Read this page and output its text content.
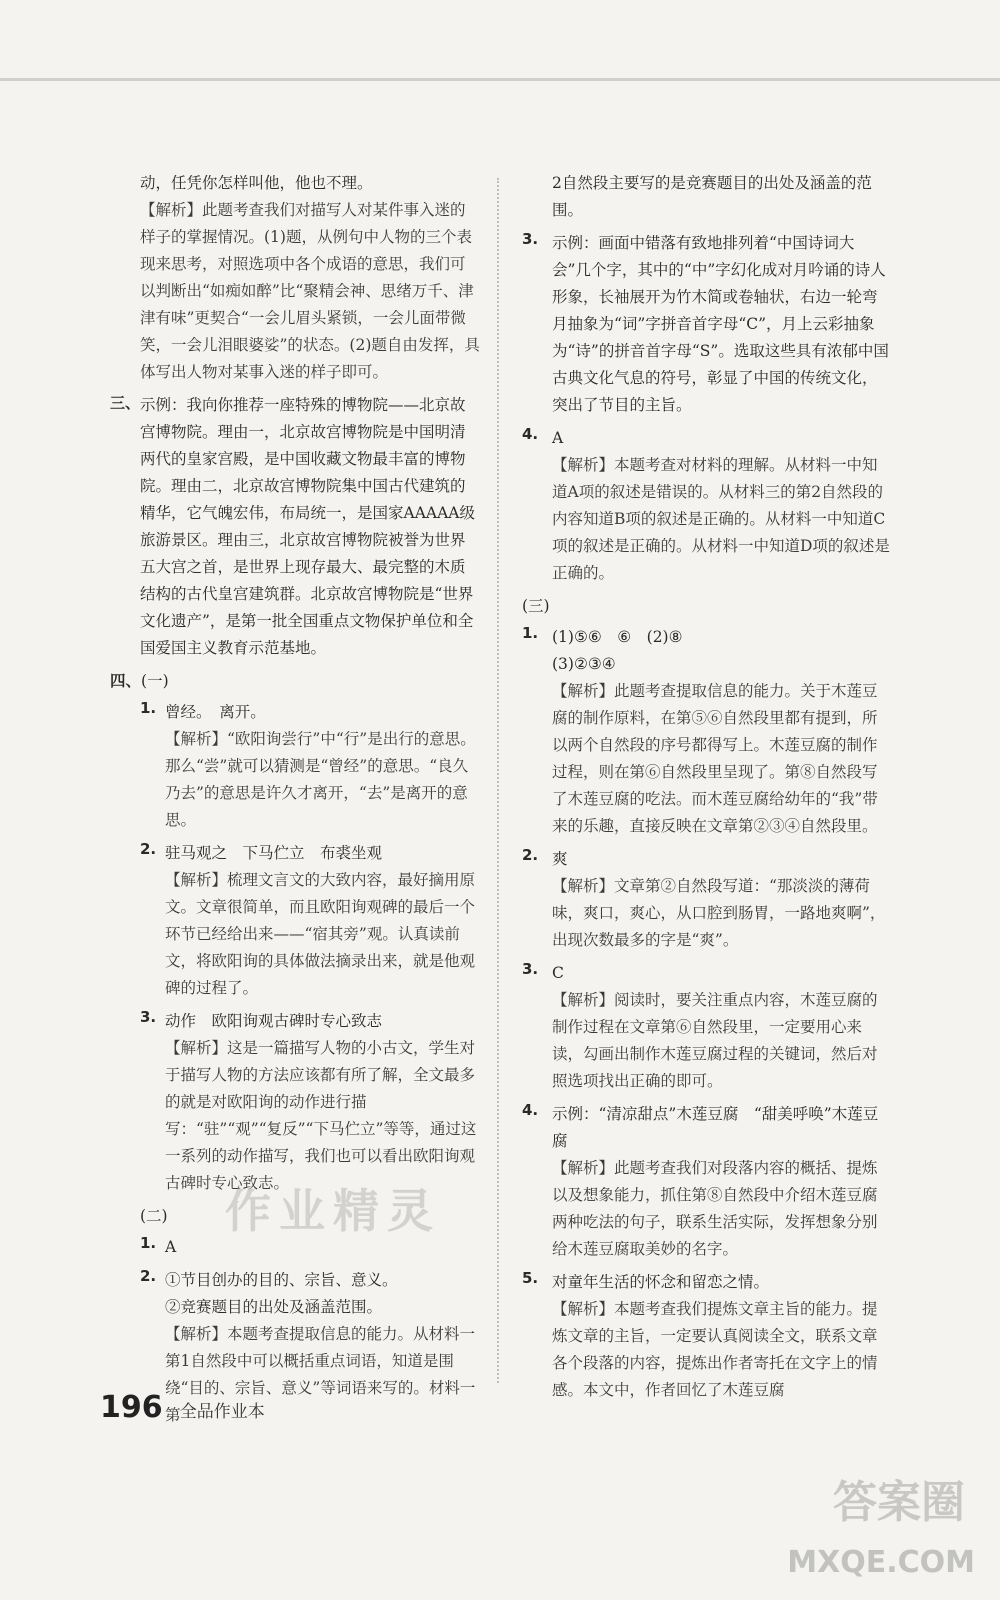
动，任凭你怎样叫他，他也不理。
【解析】此题考查我们对描写人对某件事入迷的样子的掌握情况。(1)题，从例句中人物的三个表现来思考，对照选项中各个成语的意思，我们可以判断出“如痴如醉”比“聚精会神、思绪万千、津津有味”更契合“一会儿眉头紧锁，一会儿面带微笑，一会儿泪眼婆娑”的状态。(2)题自由发挥，具体写出人物对某事入迷的样子即可。
三、 示例：我向你推荐一座特殊的博物院——北京故宫博物院。理由一，北京故宫博物院是中国明清两代的皇家宫殿，是中国收藏文物最丰富的博物院。理由二，北京故宫博物院集中国古代建筑的精华，它气魄宏伟，布局统一，是国家AAAAA级旅游景区。理由三，北京故宫博物院被誉为世界五大宫之首，是世界上现存最大、最完整的木质结构的古代皇宫建筑群。北京故宫博物院是“世界文化遗产”，是第一批全国重点文物保护单位和全国爱国主义教育示范基地。
四、(一)
1. 曾经。　离开。
【解析】“欧阳询尝行”中“行”是出行的意思。那么“尝”就可以猜测是“曾经”的意思。“良久乃去”的意思是许久才离开，“去”是离开的意思。
2. 驻马观之　下马伫立　布裘坐观
【解析】梳理文言文的大致内容，最好摘用原文。文章很简单，而且欧阳询观碑的最后一个环节已经给出来——“宿其旁”观。认真读前文，将欧阳询的具体做法摘录出来，就是他观碑的过程了。
3. 动作　欧阳询观古碑时专心致志
【解析】这是一篇描写人物的小古文，学生对于描写人物的方法应该都有所了解，全文最多的就是对欧阳询的动作进行描写：“驻”“观”“复反”“下马伫立”等等，通过这一系列的动作描写，我们也可以看出欧阳询观古碑时专心致志。
(二)
1. A
2. ①节目创办的目的、宗旨、意义。
②竞赛题目的出处及涵盖范围。
【解析】本题考查提取信息的能力。从材料一第1自然段中可以概括重点词语，知道是围绕“目的、宗旨、意义”等词语来写的。材料一第
2自然段主要写的是竞赛题目的出处及涵盖的范围。
3. 示例：画面中错落有致地排列着“中国诗词大会”几个字，其中的“中”字幻化成对月吟诵的诗人形象，长袖展开为竹木简或卷轴状，右边一轮弯月抽象为“词”字拼音首字母“C”，月上云彩抽象为“诗”的拼音首字母“S”。选取这些具有浓郁中国古典文化气息的符号，彰显了中国的传统文化，突出了节目的主旨。
4. A
【解析】本题考查对材料的理解。从材料一中知道A项的叙述是错误的。从材料三的第2自然段的内容知道B项的叙述是正确的。从材料一中知道C项的叙述是正确的。从材料一中知道D项的叙述是正确的。
(三)
1. (1)⑤⑥　⑥　(2)⑧
(3)②③④
【解析】此题考查提取信息的能力。关于木莲豆腐的制作原料，在第⑤⑥自然段里都有提到，所以两个自然段的序号都得写上。木莲豆腐的制作过程，则在第⑥自然段里呈现了。第⑧自然段写了木莲豆腐的吃法。而木莲豆腐给幼年的“我”带来的乐趣，直接反映在文章第②③④自然段里。
2. 爽
【解析】文章第②自然段写道：“那淡淡的薄荷味，爽口，爽心，从口腔到肠胃，一路地爽啊”，出现次数最多的字是“爽”。
3. C
【解析】阅读时，要关注重点内容，木莲豆腐的制作过程在文章第⑥自然段里，一定要用心来读，勾画出制作木莲豆腐过程的关键词，然后对照选项找出正确的即可。
4. 示例：“清凉甜点”木莲豆腐　“甜美呼唤”木莲豆腐
【解析】此题考查我们对段落内容的概括、提炼以及想象能力，抓住第⑧自然段中介绍木莲豆腐两种吃法的句子，联系生活实际，发挥想象分别给木莲豆腐取美妙的名字。
5. 对童年生活的怀念和留恋之情。
【解析】本题考查我们提炼文章主旨的能力。提炼文章的主旨，一定要认真阅读全文，联系文章各个段落的内容，提炼出作者寄托在文字上的情感。本文中，作者回忆了木莲豆腐
196 全品作业本
作业精灵
答案圈
MXQE.COM
